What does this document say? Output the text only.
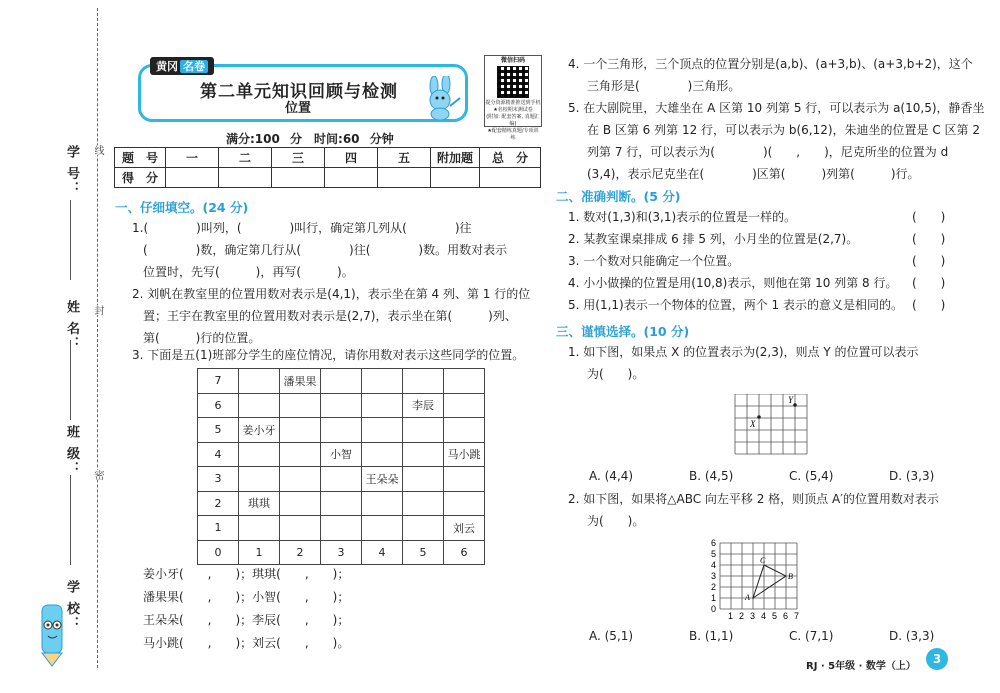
学 号：
姓 名：
班 级：
学 校：
线
封
密
黄冈 名卷
第二单元知识回顾与检测
位置
微信扫码
提分资源精准推送到手机
★名校期末测试卷
(附加: 配套答案, 真题汇编)
★配套精练真题/专项训练
满分:100 分　时间:60 分钟
题　号	一	二	三	四	五	附加题	总　分
得　分							
一、仔细填空。(24 分)
1.(　　　　)叫列，(　　　　)叫行，确定第几列从(　　　　)往
(　　　　)数，确定第几行从(　　　　)往(　　　　)数。用数对表示
位置时，先写(　　　)，再写(　　　)。
2. 刘帆在教室里的位置用数对表示是(4,1)，表示坐在第 4 列、第 1 行的位
置；王宇在教室里的位置用数对表示是(2,7)，表示坐在第(　　　)列、
第(　　　)行的位置。
3. 下面是五(1)班部分学生的座位情况，请你用数对表示这些同学的位置。
7		潘果果				
6					李辰	
5	姜小牙					
4			小智			马小跳
3				王朵朵		
2	琪琪					
1						刘云
0	1	2	3	4	5	6
姜小牙(　　,　　)；琪琪(　　,　　)；
潘果果(　　,　　)；小智(　　,　　)；
王朵朵(　　,　　)；李辰(　　,　　)；
马小跳(　　,　　)；刘云(　　,　　)。
4. 一个三角形，三个顶点的位置分别是(a,b)、(a+3,b)、(a+3,b+2)，这个
三角形是(　　　　)三角形。
5. 在大剧院里，大雄坐在 A 区第 10 列第 5 行，可以表示为 a(10,5)，静香坐
在 B 区第 6 列第 12 行，可以表示为 b(6,12)，朱迪坐的位置是 C 区第 2
列第 7 行，可以表示为(　　　　)(　　,　　)，尼克所坐的位置为 d
(3,4)，表示尼克坐在(　　　　)区第(　　　)列第(　　　)行。
二、准确判断。(5 分)
1. 数对(1,3)和(3,1)表示的位置是一样的。	(　　)
2. 某教室课桌排成 6 排 5 列，小月坐的位置是(2,7)。	(　　)
3. 一个数对只能确定一个位置。	(　　)
4. 小小做操的位置是用(10,8)表示，则他在第 10 列第 8 行。 (　　)
5. 用(1,1)表示一个物体的位置，两个 1 表示的意义是相同的。 (　　)
三、谨慎选择。(10 分)
1. 如下图，如果点 X 的位置表示为(2,3)，则点 Y 的位置可以表示
为(　　)。
X
Y
A. (4,4)	B. (4,5)	C. (5,4)	D. (3,3)
2. 如下图，如果将△ABC 向左平移 2 格，则顶点 A′的位置用数对表示
为(　　)。
6
5
4
3
2
1
0
1 2 3 4 5 6 7
A
B
C
A. (5,1)	B. (1,1)	C. (7,1)	D. (3,3)
RJ · 5年级 · 数学（上）
3
